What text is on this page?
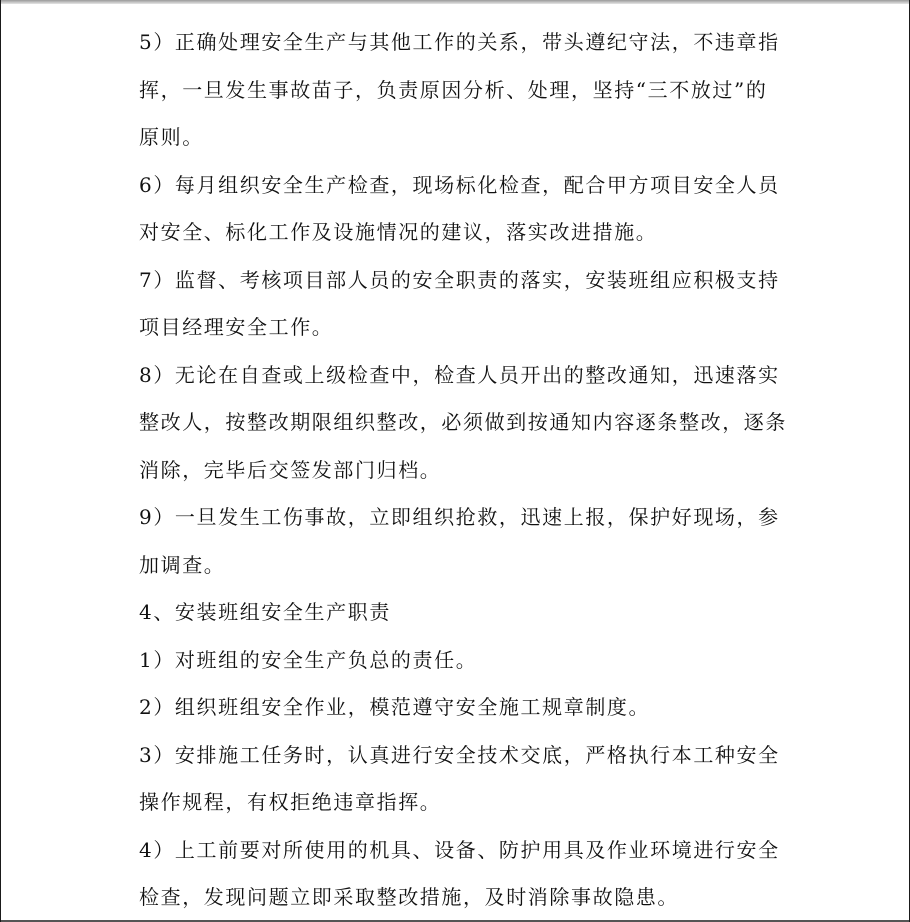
5）正确处理安全生产与其他工作的关系，带头遵纪守法，不违章指
挥，一旦发生事故苗子，负责原因分析、处理，坚持“三不放过”的
原则。
6）每月组织安全生产检查，现场标化检查，配合甲方项目安全人员
对安全、标化工作及设施情况的建议，落实改进措施。
7）监督、考核项目部人员的安全职责的落实，安装班组应积极支持
项目经理安全工作。
8）无论在自查或上级检查中，检查人员开出的整改通知，迅速落实
整改人，按整改期限组织整改，必须做到按通知内容逐条整改，逐条
消除，完毕后交签发部门归档。
9）一旦发生工伤事故，立即组织抢救，迅速上报，保护好现场，参
加调查。
4、安装班组安全生产职责
1）对班组的安全生产负总的责任。
2）组织班组安全作业，模范遵守安全施工规章制度。
3）安排施工任务时，认真进行安全技术交底，严格执行本工种安全
操作规程，有权拒绝违章指挥。
4）上工前要对所使用的机具、设备、防护用具及作业环境进行安全
检查，发现问题立即采取整改措施，及时消除事故隐患。
